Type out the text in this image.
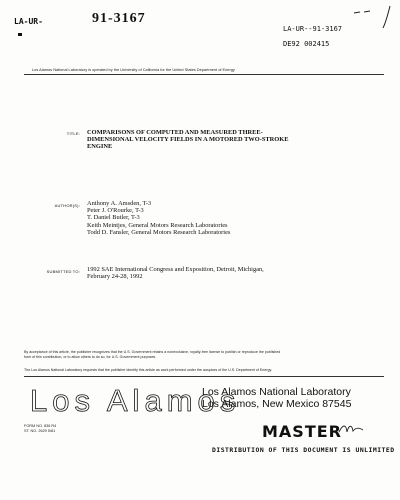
LA-UR-	91-3167
LA-UR--91-3167
DE92 002415
Los Alamos National Laboratory is operated by the University of California for the United States Department of Energy
TITLE: COMPARISONS OF COMPUTED AND MEASURED THREE-
DIMENSIONAL VELOCITY FIELDS IN A MOTORED TWO-STROKE
ENGINE
AUTHOR(S): Anthony A. Amsden, T-3
Peter J. O'Rourke, T-3
T. Daniel Butler, T-3
Keith Meintjes, General Motors Research Laboratories
Todd D. Fansler, General Motors Research Laboratories
SUBMITTED TO: 1992 SAE International Congress and Exposition, Detroit, Michigan,
February 24-28, 1992
By acceptance of this article, the publisher recognizes that the U.S. Government retains a nonexclusive, royalty-free license to publish or reproduce the published
form of this contribution, or to allow others to do so, for U.S. Government purposes.
The Los Alamos National Laboratory requests that the publisher identify this article as work performed under the auspices of the U.S. Department of Energy.
Los Alamos
Los Alamos National Laboratory
Los Alamos, New Mexico 87545
FORM NO. 836 R4
ST. NO. 2629 5/81	MASTER
DISTRIBUTION OF THIS DOCUMENT IS UNLIMITED
